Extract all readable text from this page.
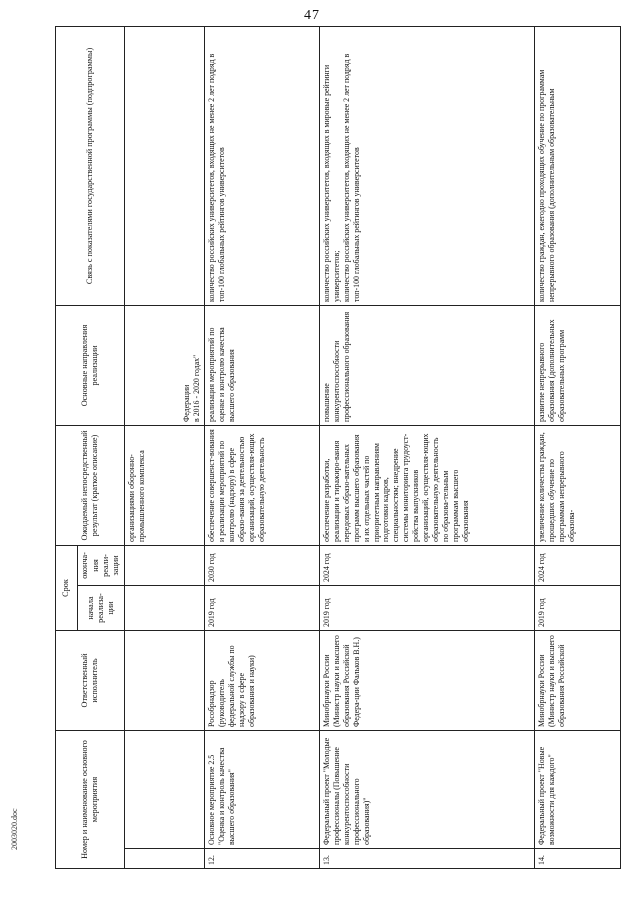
47
2003020.doc	Номер и наименование основного мероприятия		Ответственный исполнитель	Срок		Ожидаемый непосредственный результат (краткое описание)	Основные направления реализации	Связь с показателями государственной программы (подпрограммы)
			начала реализа-ции	оконча-ния реали-зации			

					организациями оборонно-промышленного комплекса	Федерации
в 2016 - 2020 годах"	

12.	Основное мероприятие 2.5 "Оценка и контроль качества высшего образования"	Рособрнадзор (руководитель федеральной службы по надзору в сфере образования и науки)	2019 год	2030 год	обеспечение совершенст-вования и реализации мероприятий по контролю (надзору) в сфере образо-вания за деятельностью организаций, осуществля-ющих образовательную деятельность	реализация мероприятий по оценке и контролю качества высшего образования	количество российских университетов, входящих не менее 2 лет подряд в топ-100 глобальных рейтингов университетов
13.	Федеральный проект "Молодые профессионалы (Повышение конкурентоспособности профессионального образования)"	Минобрнауки России (Министр науки и высшего образования Российской Федера-ции Фальков В.Н.)	2019 год	2024 год	обеспечение разработки, реализации и тиражиро-вания передовых образо-вательных программ высшего образования и их отдельных частей по приоритетным направлениям подготовки кадров, специальностям; внедрение системы мониторинга трудоуст-ройства выпускников организаций, осуществля-ющих образовательную деятельность по образова-тельным программам высшего образования	повышение конкурентоспособности профессионального образования	количество российских университетов, входящих в мировые рейтинги университетов;
количество российских университетов, входящих не менее 2 лет подряд в топ-100 глобальных рейтингов университетов

14.	Федеральный проект "Новые возможности для каждого"	Минобрнауки России (Министр науки и высшего образования Российской	2019 год	2024 год	увеличение количества граждан, прошедших обучение по программам непрерывного образова-	развитие непрерывного образования (дополнительных образовательных программ	количество граждан, ежегодно проходящих обучение по программам непрерывного образования (дополнительным образовательным
